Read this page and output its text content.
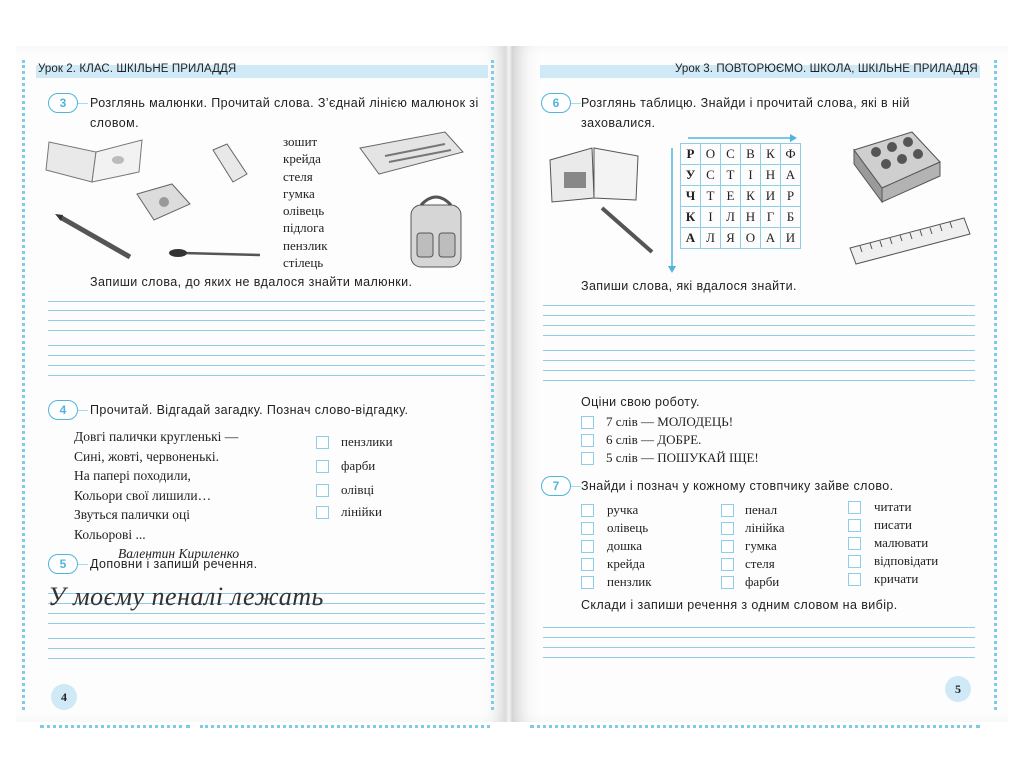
Урок 2. КЛАС. ШКІЛЬНЕ ПРИЛАДДЯ	Урок 3. ПОВТОРЮЄМО. ШКОЛА, ШКІЛЬНЕ ПРИЛАДДЯ
3	Розглянь малюнки. Прочитай слова. З’єднай лінією малюнок зі словом.
зошит
крейда
стеля
гумка
олівець
підлога
пензлик
стілець
Запиши слова, до яких не вдалося знайти малюнки.
4	Прочитай. Відгадай загадку. Познач слово-відгадку.
Довгі палички кругленькі —
Сині, жовті, червоненькі.
На папері походили,
Кольори свої лишили…
Звуться палички оці
Кольорові ...
Валентин Кириленко
пензлики
фарби
олівці
лінійки
5	Доповни і запиши речення.
У моєму пеналі лежать
4
6	Розглянь таблицю. Знайди і прочитай слова, які в ній заховалися.
Р	О	С	В	К	Ф
У	С	Т	І	Н	А
Ч	Т	Е	К	И	Р
К	І	Л	Н	Г	Б
А	Л	Я	О	А	И
Запиши слова, які вдалося знайти.
Оціни свою роботу.
7 слів — МОЛОДЕЦЬ!
6 слів — ДОБРЕ.
5 слів — ПОШУКАЙ ІЩЕ!
7	Знайди і познач у кожному стовпчику зайве слово.
ручка
олівець
дошка
крейда
пензлик
пенал
лінійка
гумка
стеля
фарби
читати
писати
малювати
відповідати
кричати
Склади і запиши речення з одним словом на вибір.
5
